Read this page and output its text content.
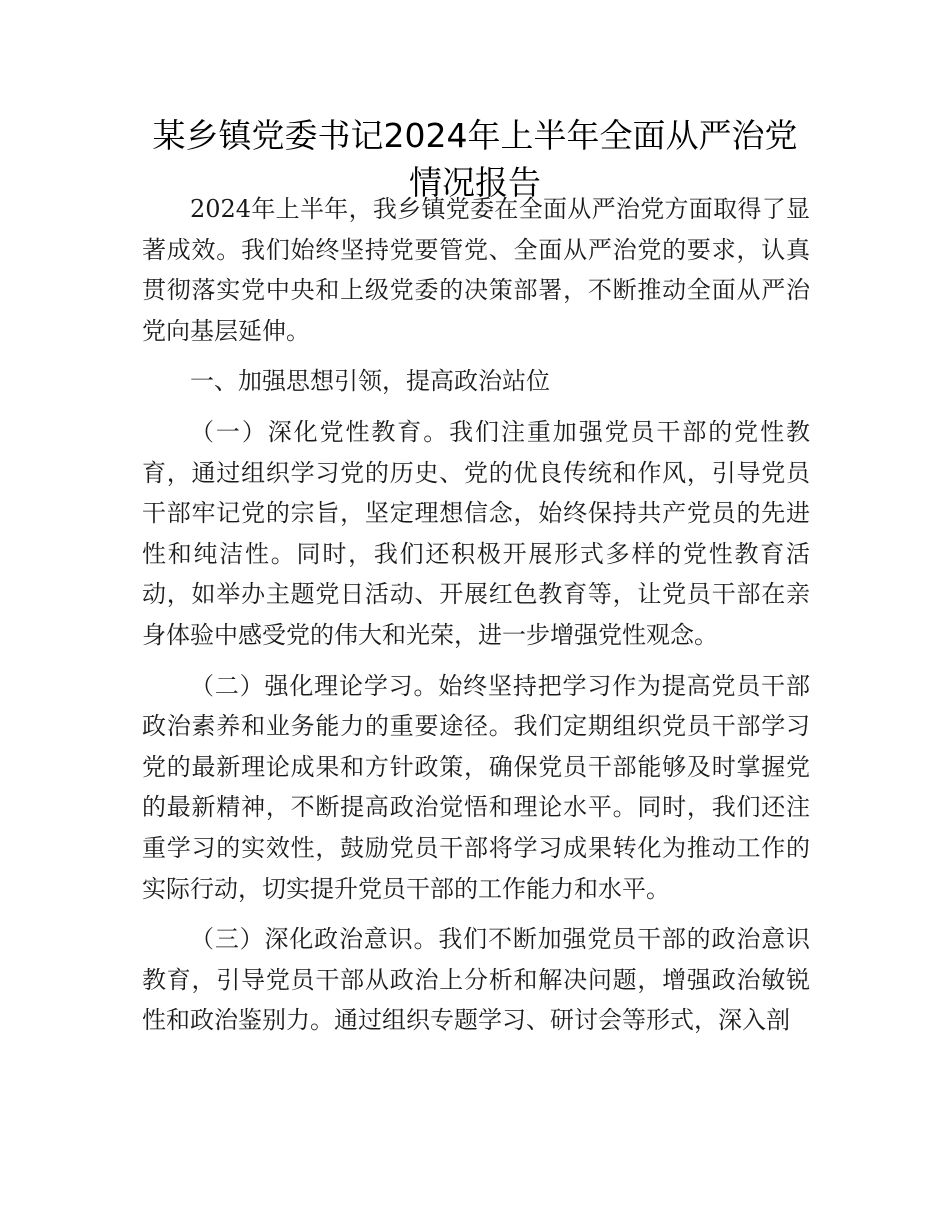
某乡镇党委书记2024年上半年全面从严治党情况报告

2024年上半年，我乡镇党委在全面从严治党方面取得了显著成效。我们始终坚持党要管党、全面从严治党的要求，认真贯彻落实党中央和上级党委的决策部署，不断推动全面从严治党向基层延伸。

一、加强思想引领，提高政治站位

（一）深化党性教育。我们注重加强党员干部的党性教育，通过组织学习党的历史、党的优良传统和作风，引导党员干部牢记党的宗旨，坚定理想信念，始终保持共产党员的先进性和纯洁性。同时，我们还积极开展形式多样的党性教育活动，如举办主题党日活动、开展红色教育等，让党员干部在亲身体验中感受党的伟大和光荣，进一步增强党性观念。

（二）强化理论学习。始终坚持把学习作为提高党员干部政治素养和业务能力的重要途径。我们定期组织党员干部学习党的最新理论成果和方针政策，确保党员干部能够及时掌握党的最新精神，不断提高政治觉悟和理论水平。同时，我们还注重学习的实效性，鼓励党员干部将学习成果转化为推动工作的实际行动，切实提升党员干部的工作能力和水平。

（三）深化政治意识。我们不断加强党员干部的政治意识教育，引导党员干部从政治上分析和解决问题，增强政治敏锐性和政治鉴别力。通过组织专题学习、研讨会等形式，深入剖
